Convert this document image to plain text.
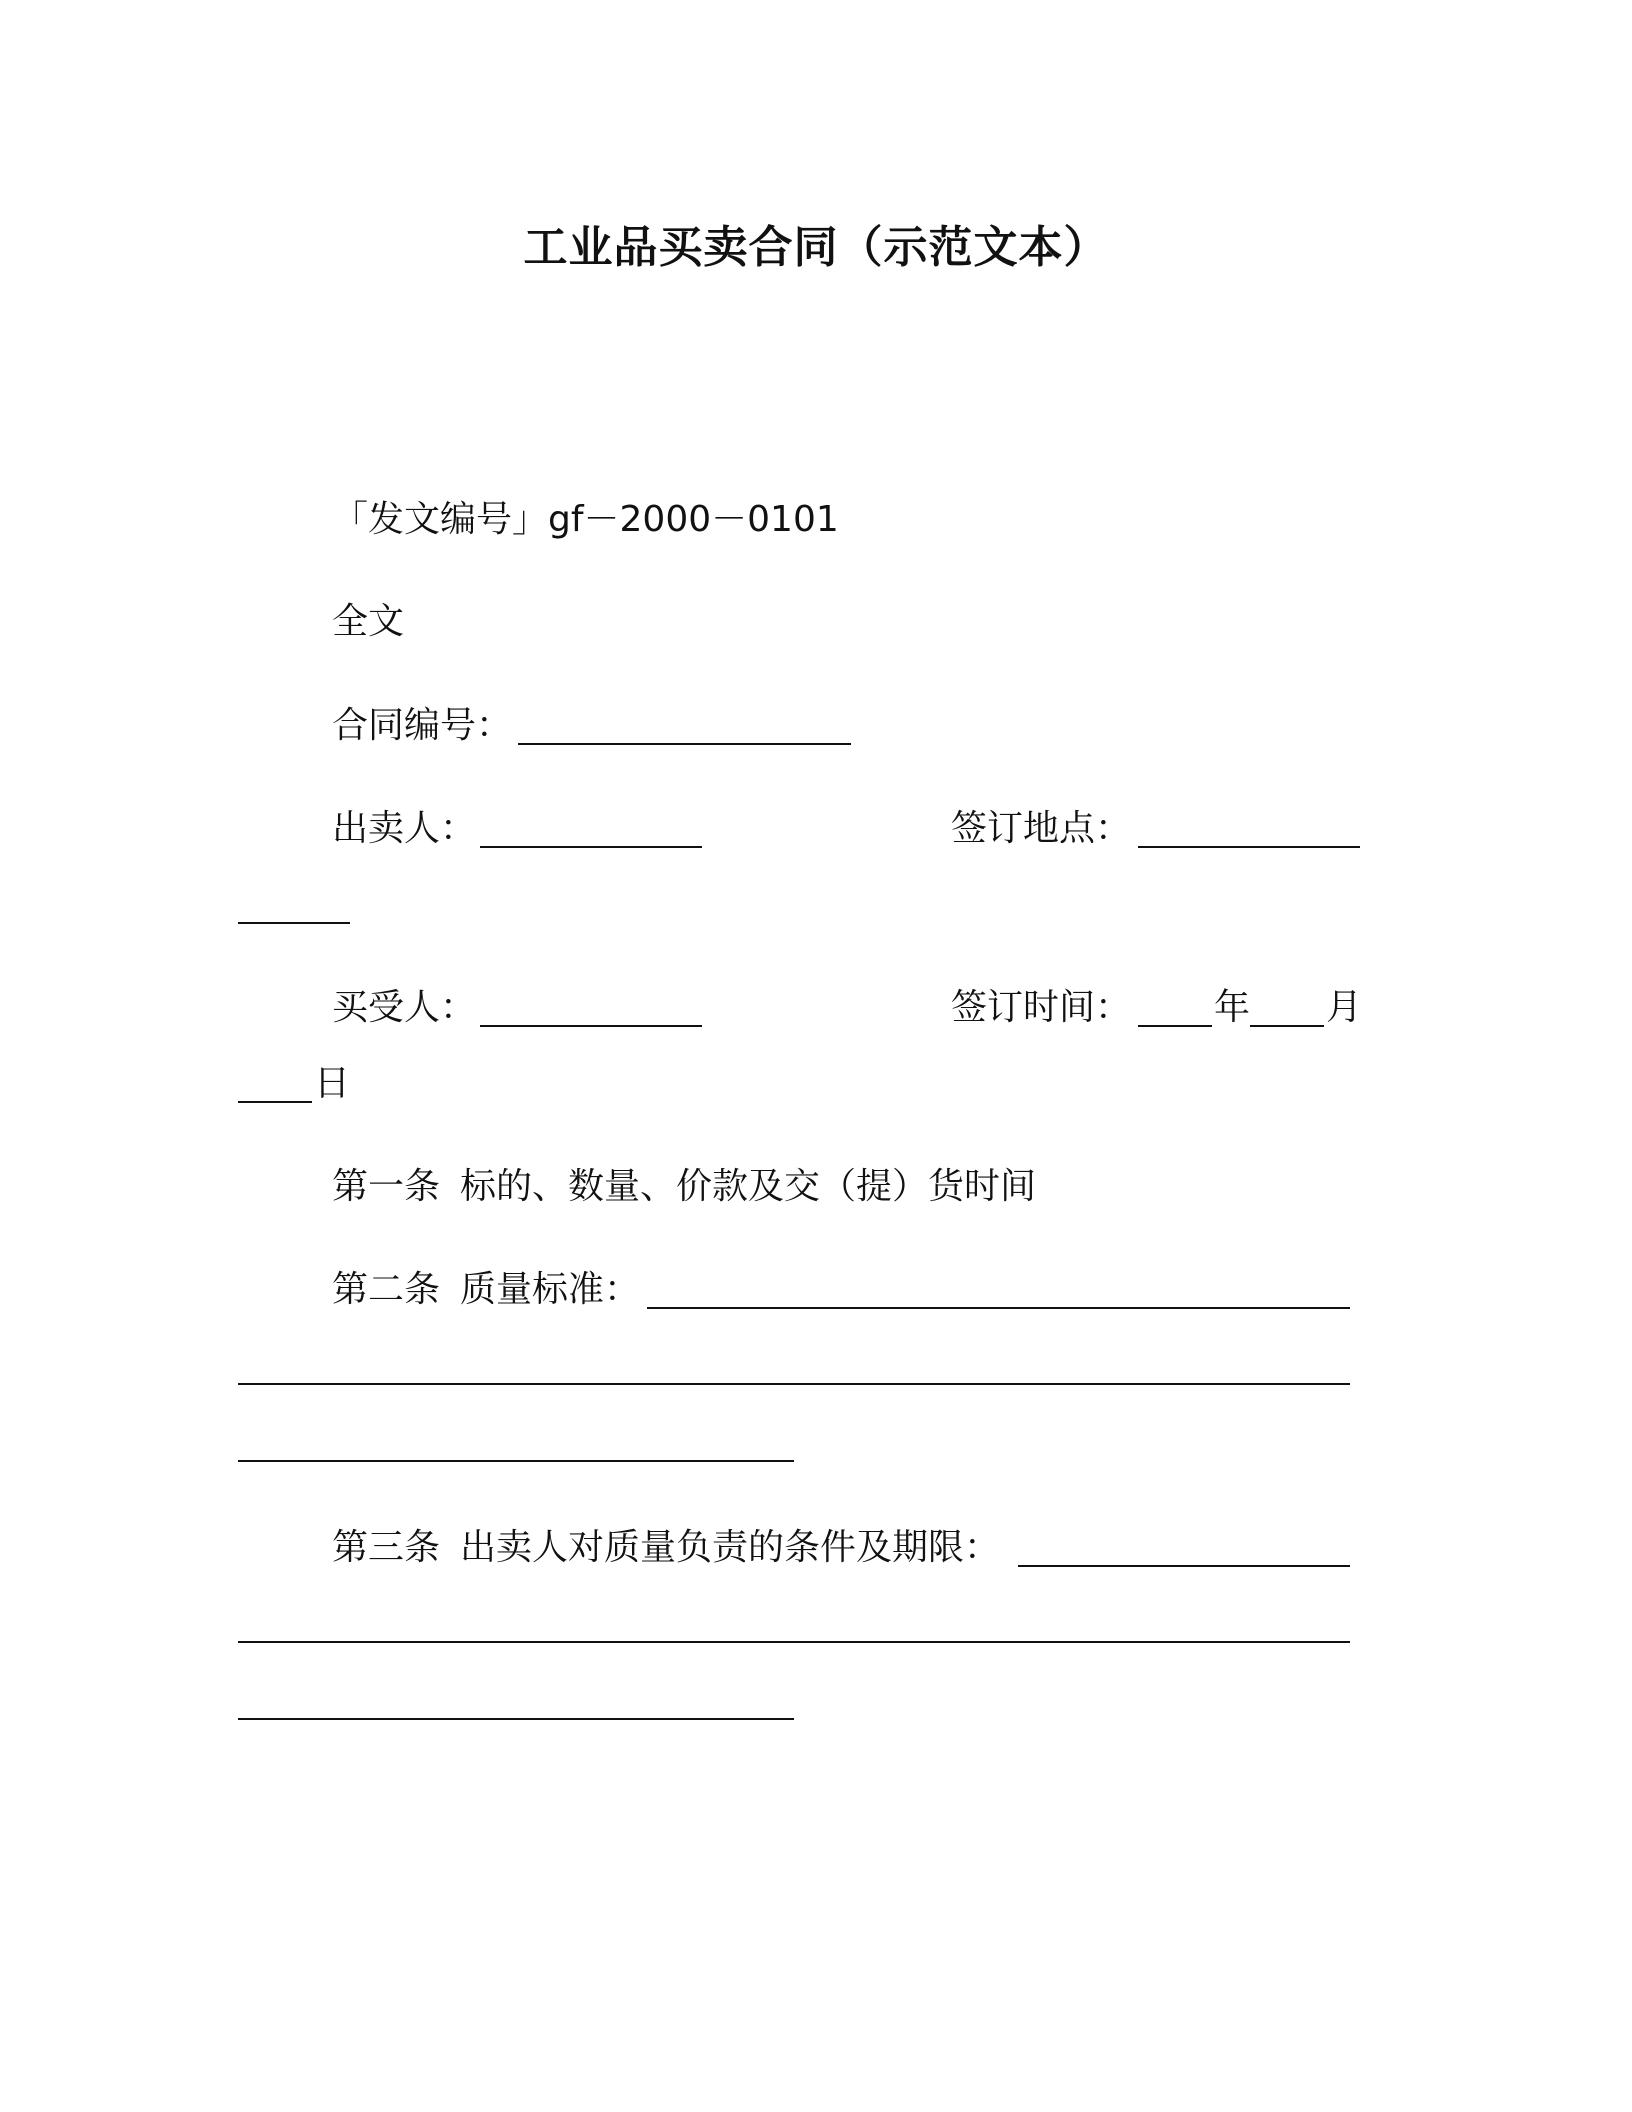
工业品买卖合同（示范文本）
「发文编号」gf－2000－0101
全文
合同编号：
出卖人：	签订地点：
买受人：	签订时间： 年 月
日
第一条 标的、数量、价款及交（提）货时间
第二条 质量标准：
第三条 出卖人对质量负责的条件及期限：
